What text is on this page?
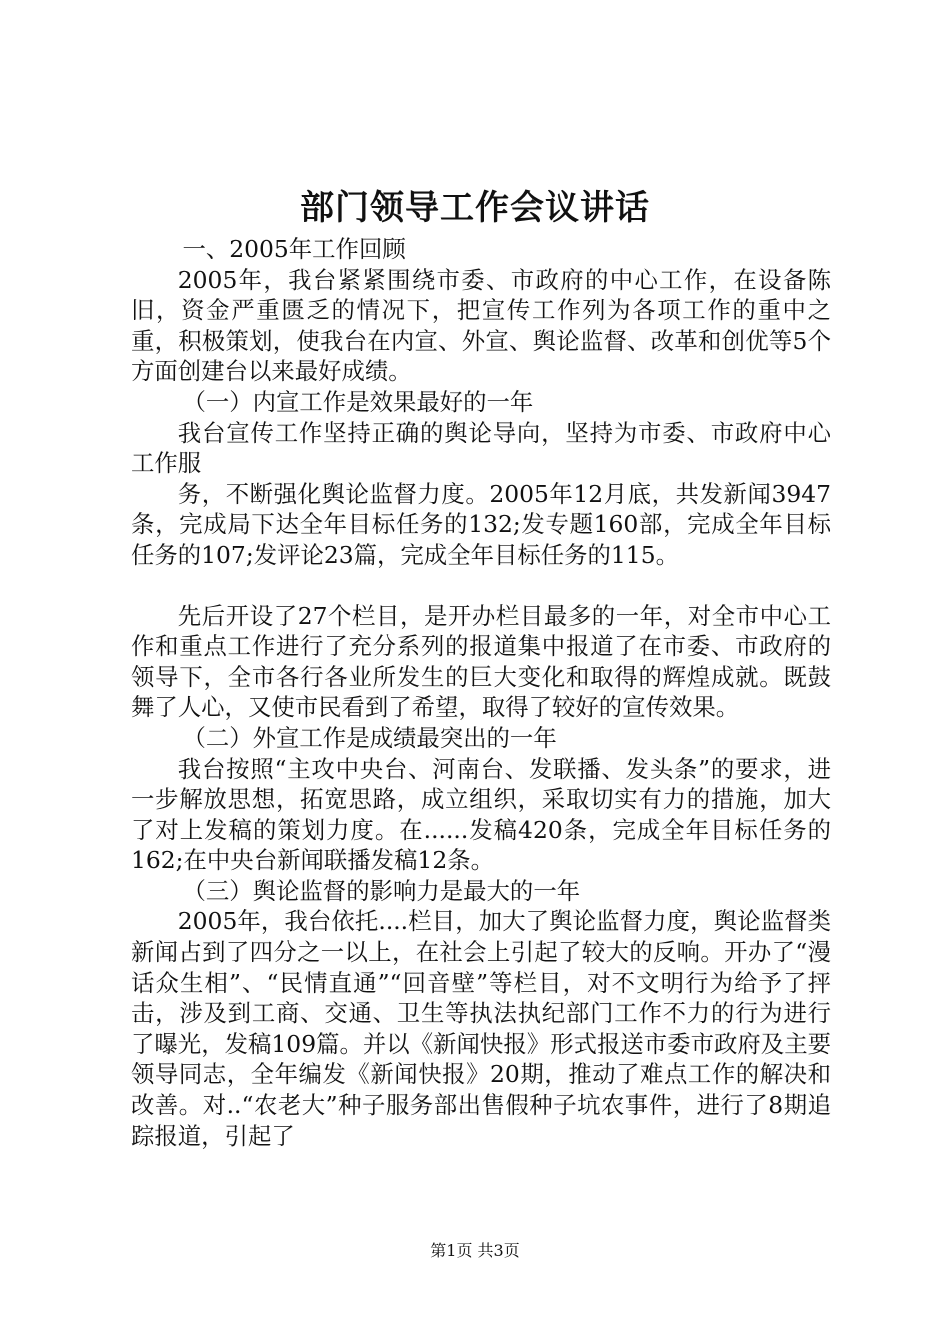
部门领导工作会议讲话

一、2005年工作回顾

2005年，我台紧紧围绕市委、市政府的中心工作，在设备陈旧，资金严重匮乏的情况下，把宣传工作列为各项工作的重中之重，积极策划，使我台在内宣、外宣、舆论监督、改革和创优等5个方面创建台以来最好成绩。

（一）内宣工作是效果最好的一年

我台宣传工作坚持正确的舆论导向，坚持为市委、市政府中心工作服

务，不断强化舆论监督力度。2005年12月底，共发新闻3947条，完成局下达全年目标任务的132;发专题160部，完成全年目标任务的107;发评论23篇，完成全年目标任务的115。

先后开设了27个栏目，是开办栏目最多的一年，对全市中心工作和重点工作进行了充分系列的报道集中报道了在市委、市政府的领导下，全市各行各业所发生的巨大变化和取得的辉煌成就。既鼓舞了人心，又使市民看到了希望，取得了较好的宣传效果。

（二）外宣工作是成绩最突出的一年

我台按照“主攻中央台、河南台、发联播、发头条”的要求，进一步解放思想，拓宽思路，成立组织，采取切实有力的措施，加大了对上发稿的策划力度。在......发稿420条，完成全年目标任务的162;在中央台新闻联播发稿12条。

（三）舆论监督的影响力是最大的一年

2005年，我台依托....栏目，加大了舆论监督力度，舆论监督类新闻占到了四分之一以上，在社会上引起了较大的反响。开办了“漫话众生相”、“民情直通”“回音壁”等栏目，对不文明行为给予了抨击，涉及到工商、交通、卫生等执法执纪部门工作不力的行为进行了曝光，发稿109篇。并以《新闻快报》形式报送市委市政府及主要领导同志，全年编发《新闻快报》20期，推动了难点工作的解决和改善。对..“农老大”种子服务部出售假种子坑农事件，进行了8期追踪报道，引起了

第1页 共3页
